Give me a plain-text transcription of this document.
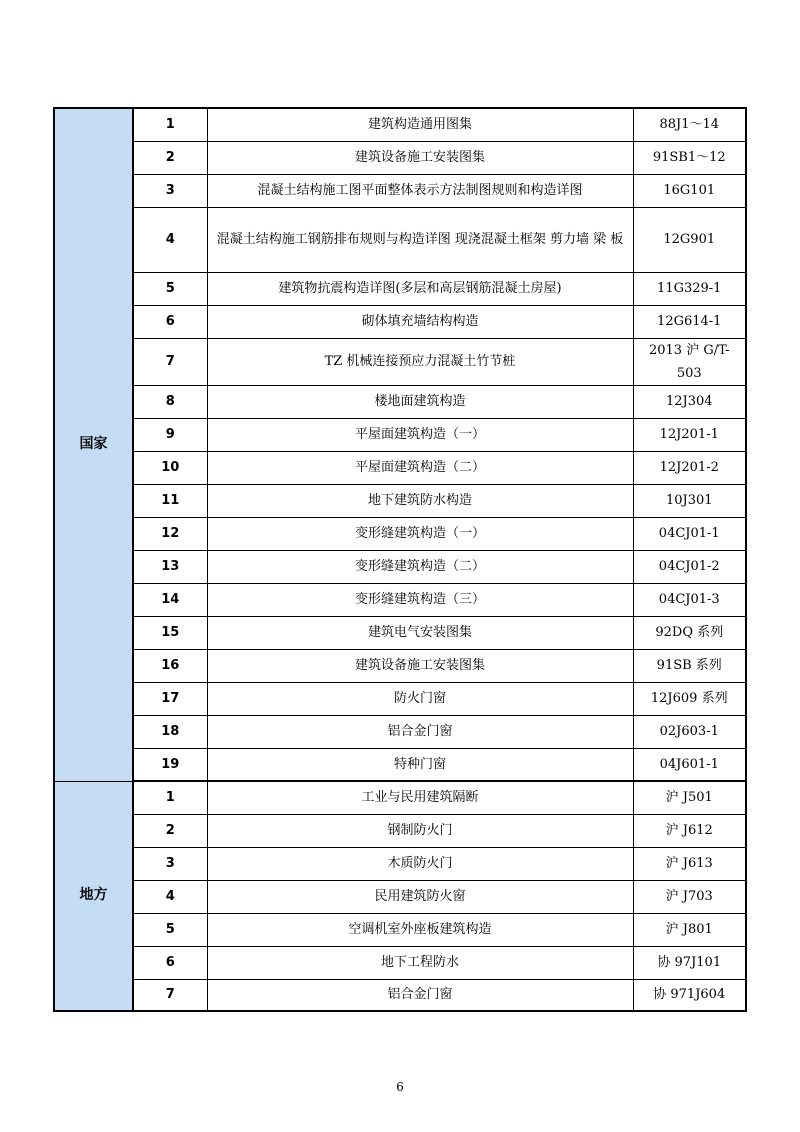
国家	1	建筑构造通用图集	88J1～14
	2	建筑设备施工安装图集	91SB1～12
	3	混凝土结构施工图平面整体表示方法制图规则和构造详图	16G101
	4	混凝土结构施工钢筋排布规则与构造详图 现浇混凝土框架 剪力墙 梁 板	12G901
	5	建筑物抗震构造详图(多层和高层钢筋混凝土房屋)	11G329-1
	6	砌体填充墙结构构造	12G614-1
	7	TZ 机械连接预应力混凝土竹节桩	2013 沪 G/T-503
	8	楼地面建筑构造	12J304
	9	平屋面建筑构造（一）	12J201-1
	10	平屋面建筑构造（二）	12J201-2
	11	地下建筑防水构造	10J301
	12	变形缝建筑构造（一）	04CJ01-1
	13	变形缝建筑构造（二）	04CJ01-2
	14	变形缝建筑构造（三）	04CJ01-3
	15	建筑电气安装图集	92DQ 系列
	16	建筑设备施工安装图集	91SB 系列
	17	防火门窗	12J609 系列
	18	铝合金门窗	02J603-1
	19	特种门窗	04J601-1
地方	1	工业与民用建筑隔断	沪 J501
	2	钢制防火门	沪 J612
	3	木质防火门	沪 J613
	4	民用建筑防火窗	沪 J703
	5	空调机室外座板建筑构造	沪 J801
	6	地下工程防水	协 97J101
	7	铝合金门窗	协 971J604
6
